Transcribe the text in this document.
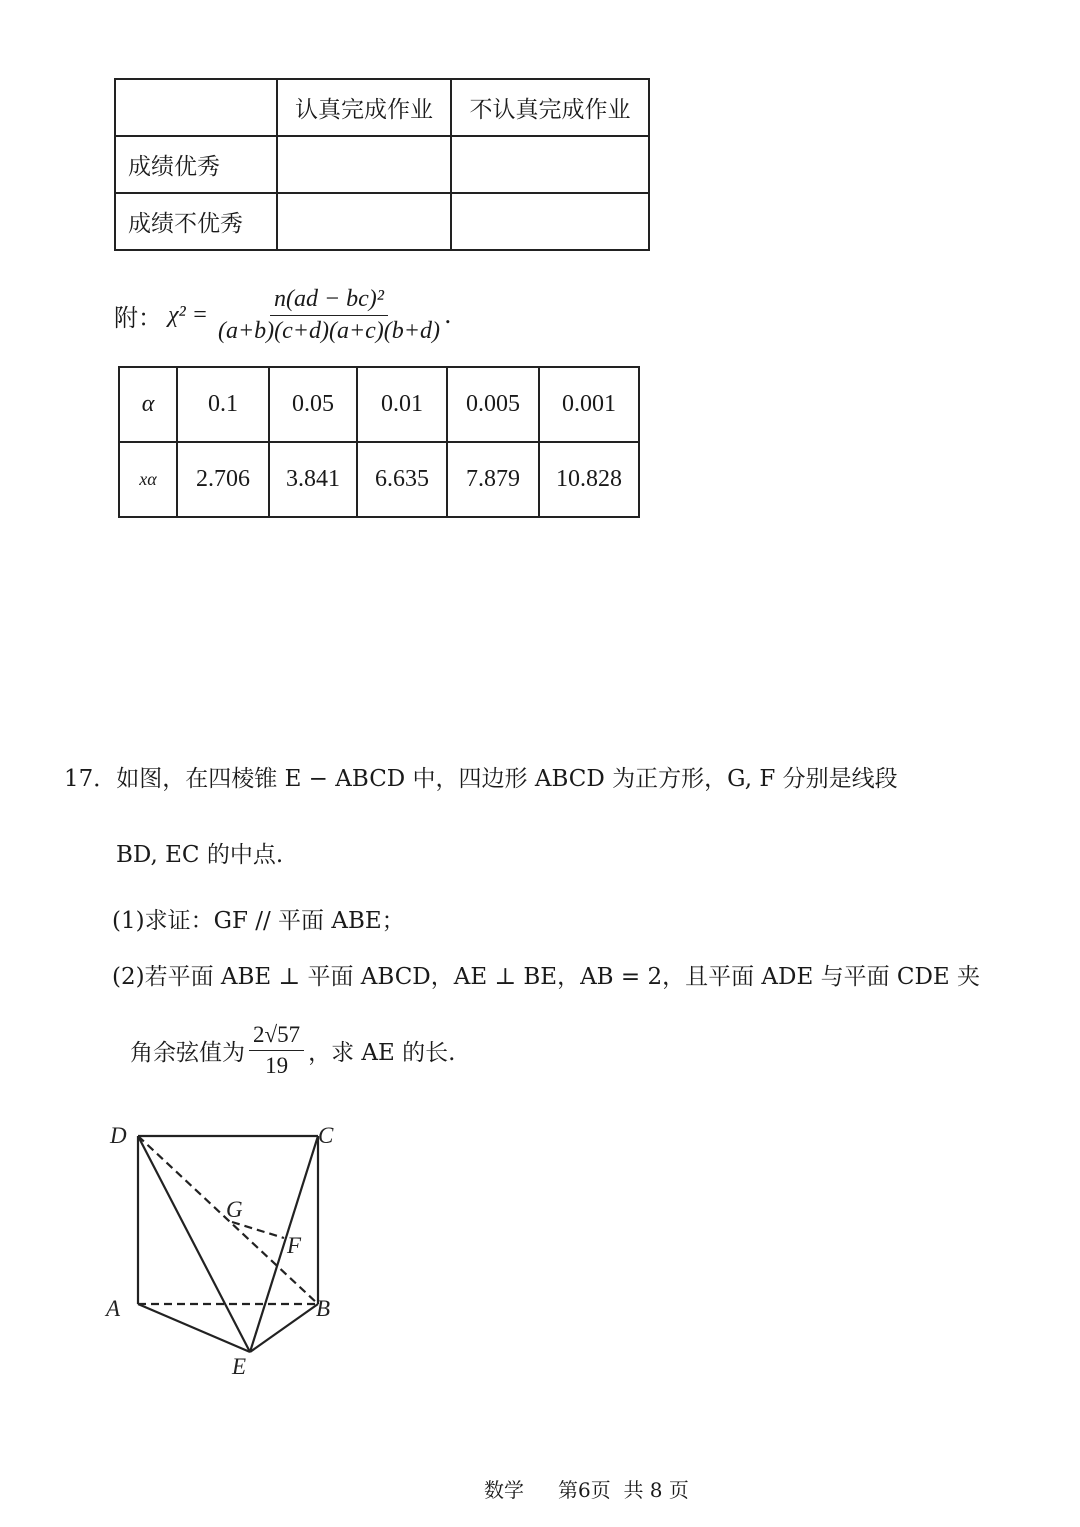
	认真完成作业	不认真完成作业
成绩优秀		
成绩不优秀		
附： $\chi^2 = \frac{\text{n(ad − bc)²}}{(a+b)(c+d)(a+c)(b+d)}$ .
α	0.1	0.05	0.01	0.005	0.001
xα	2.706	3.841	6.635	7.879	10.828
17．如图，在四棱锥 E − ABCD 中，四边形 ABCD 为正方形，G, F 分别是线段
BD, EC 的中点.
(1)求证：GF // 平面 ABE；
(2)若平面 ABE ⊥ 平面 ABCD，AE ⊥ BE，AB = 2，且平面 ADE 与平面 CDE 夹
角余弦值为 $\frac{2√57}{19}$ ，求 AE 的长.
D	C
A	B
E
G
F
数学 第6页 共 8 页
